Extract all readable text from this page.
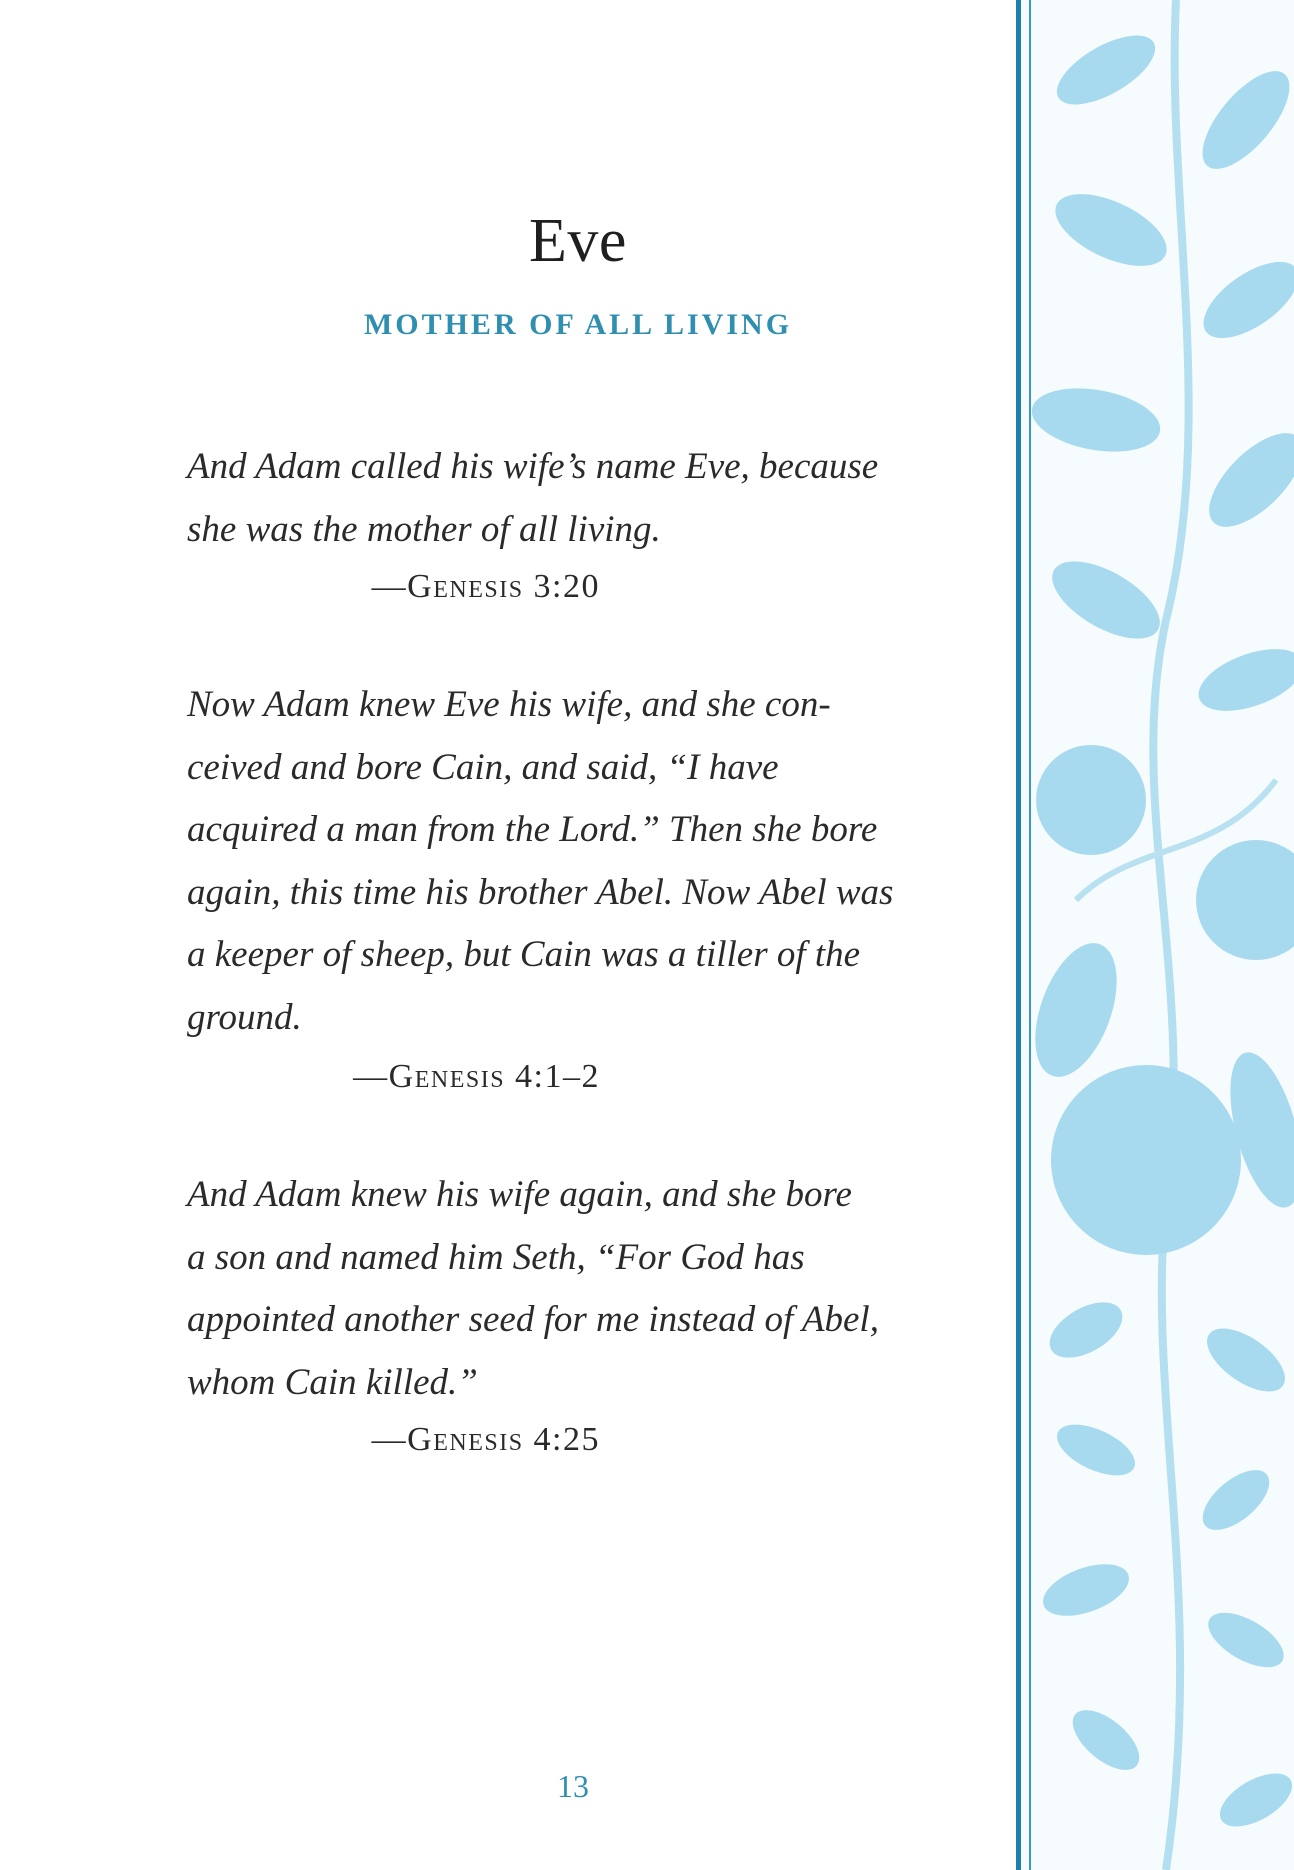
Eve
MOTHER OF ALL LIVING
And Adam called his wife’s name Eve, because
she was the mother of all living.
—Genesis 3:20
Now Adam knew Eve his wife, and she con-
ceived and bore Cain, and said, “I have
acquired a man from the Lord.” Then she bore
again, this time his brother Abel. Now Abel was
a keeper of sheep, but Cain was a tiller of the
ground.
—Genesis 4:1–2
And Adam knew his wife again, and she bore
a son and named him Seth, “For God has
appointed another seed for me instead of Abel,
whom Cain killed.”
—Genesis 4:25
13
